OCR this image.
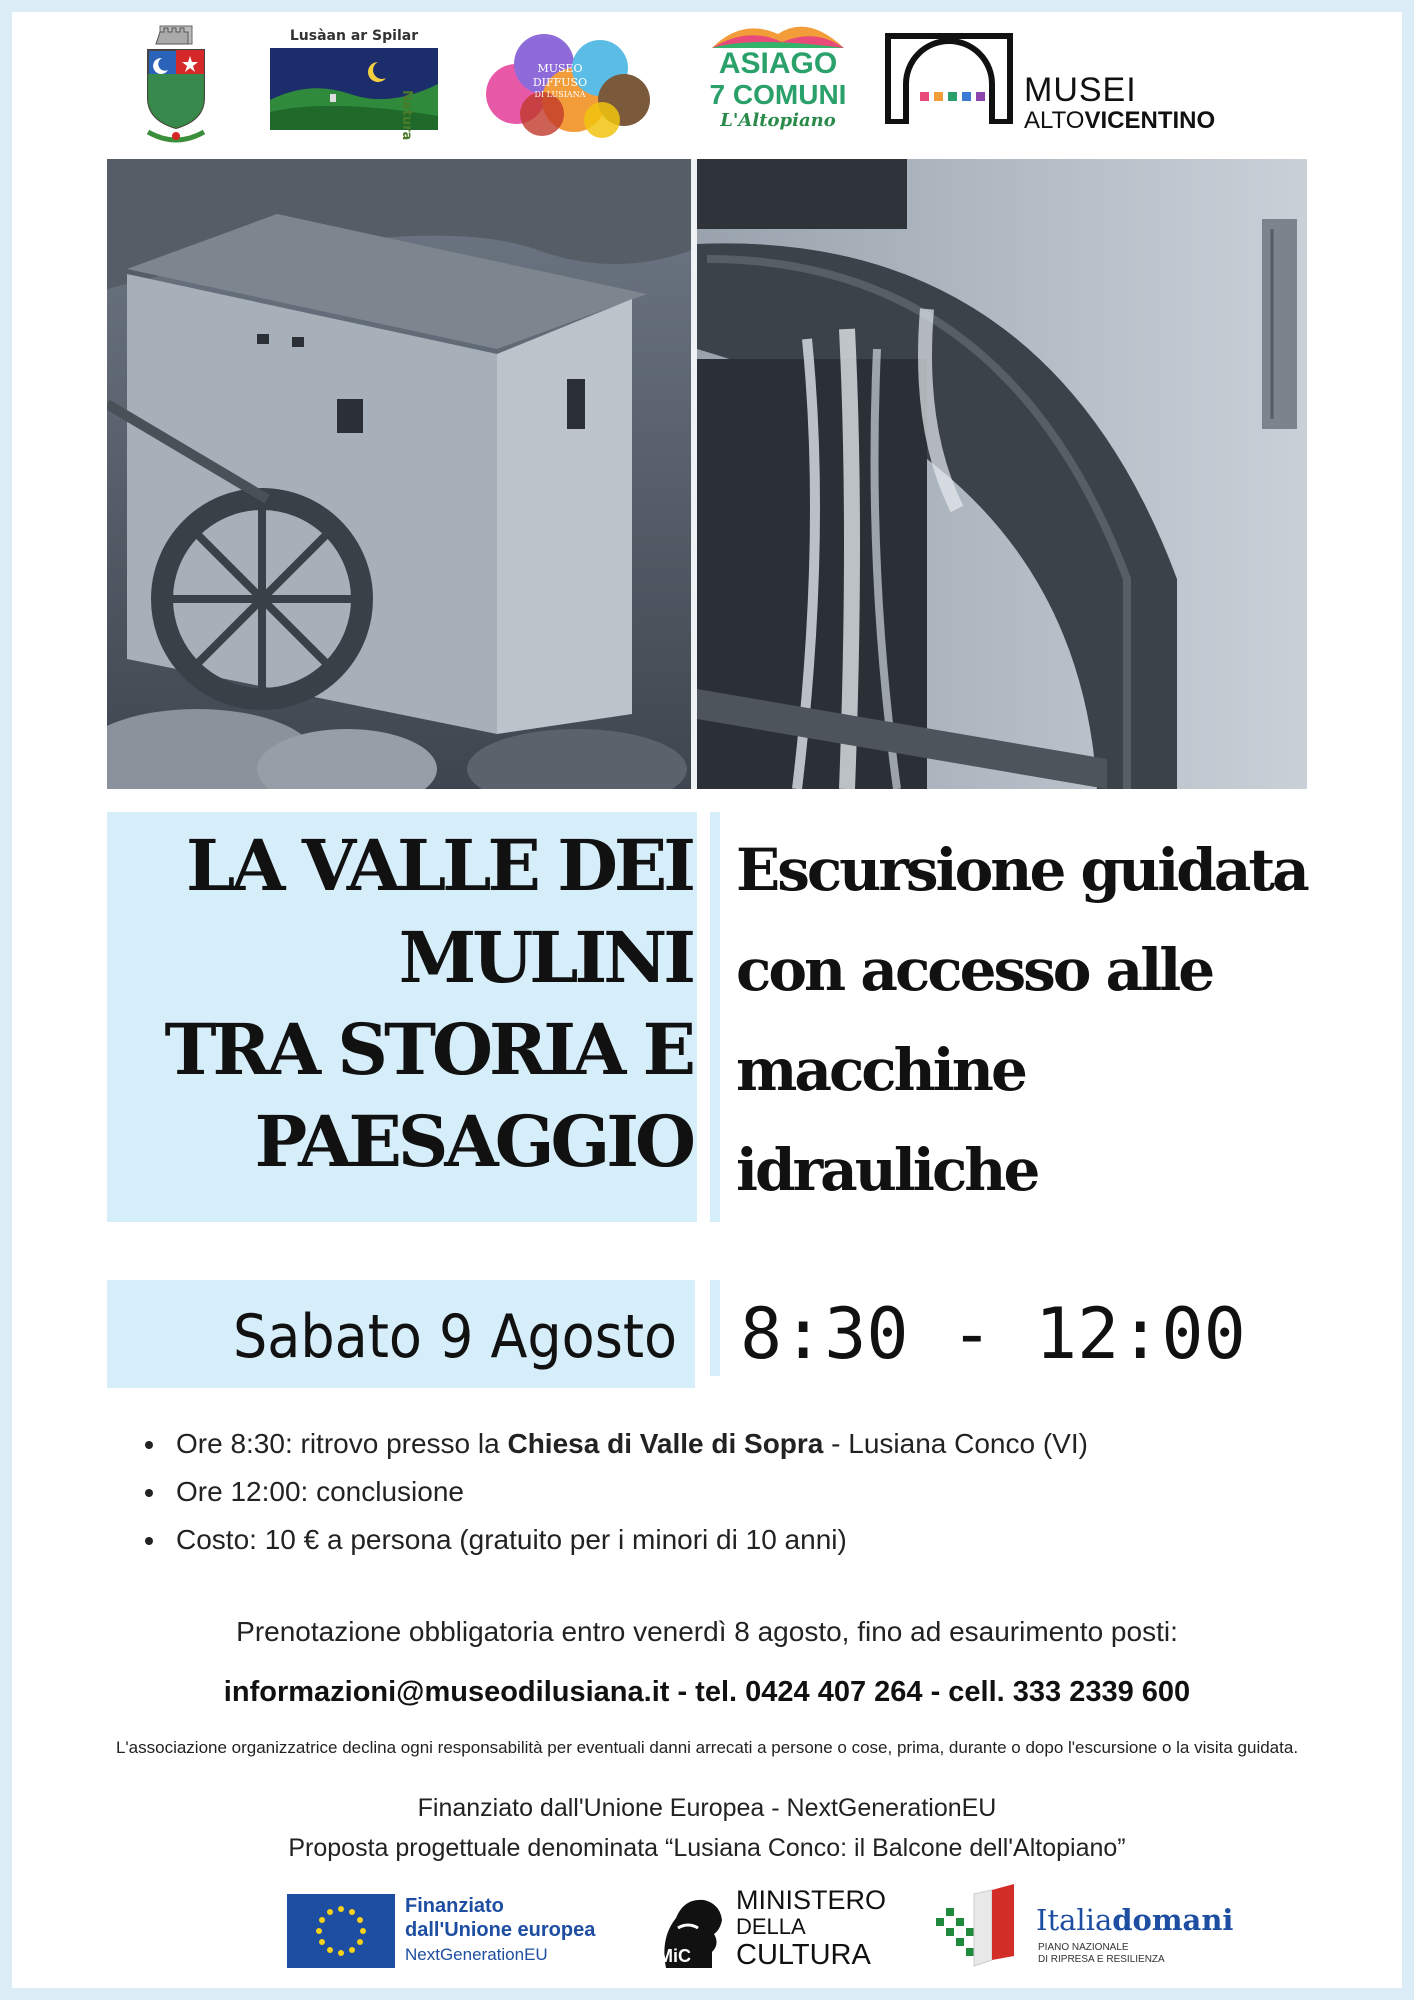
Lusàan ar Spilar
Natura
MUSEO
DIFFUSO
DI LUSIANA
ASIAGO
7 COMUNI
L'Altopiano
MUSEI
ALTOVICENTINO
LA VALLE DEI
MULINI
TRA STORIA E
PAESAGGIO
Escursione guidata
con accesso alle
macchine
idrauliche
Sabato 9 Agosto 8:30 - 12:00
• Ore 8:30: ritrovo presso la Chiesa di Valle di Sopra - Lusiana Conco (VI)
• Ore 12:00: conclusione
• Costo: 10 € a persona (gratuito per i minori di 10 anni)
Prenotazione obbligatoria entro venerdì 8 agosto, fino ad esaurimento posti:
informazioni@museodilusiana.it - tel. 0424 407 264 - cell. 333 2339 600
L'associazione organizzatrice declina ogni responsabilità per eventuali danni arrecati a persone o cose, prima, durante o dopo l'escursione o la visita guidata.
Finanziato dall'Unione Europea - NextGenerationEU
Proposta progettuale denominata “Lusiana Conco: il Balcone dell'Altopiano”
Finanziato
dall'Unione europea
NextGenerationEU	MiC
MINISTERO
DELLA
CULTURA
Italiadomani
PIANO NAZIONALE
DI RIPRESA E RESILIENZA
